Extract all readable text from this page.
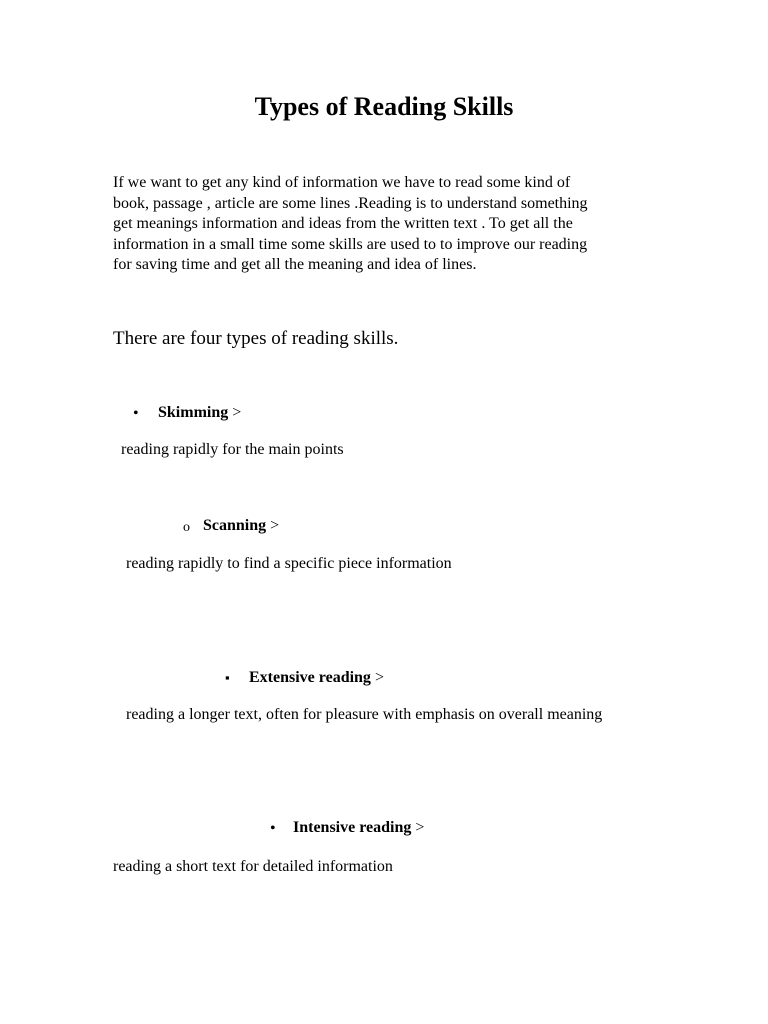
Types of Reading Skills
If we want to get any kind of information we have to read some kind of
book, passage , article are some lines .Reading is to understand something
get meanings information and ideas from the written text . To get all the
information in a small time some skills are used to to improve our reading
for saving time and get all the meaning and idea of lines.
There are four types of reading skills.
• Skimming >
reading rapidly for the main points
o Scanning >
reading rapidly to find a specific piece information
▪ Extensive reading >
reading a longer text, often for pleasure with emphasis on overall meaning
• Intensive reading >
reading a short text for detailed information
